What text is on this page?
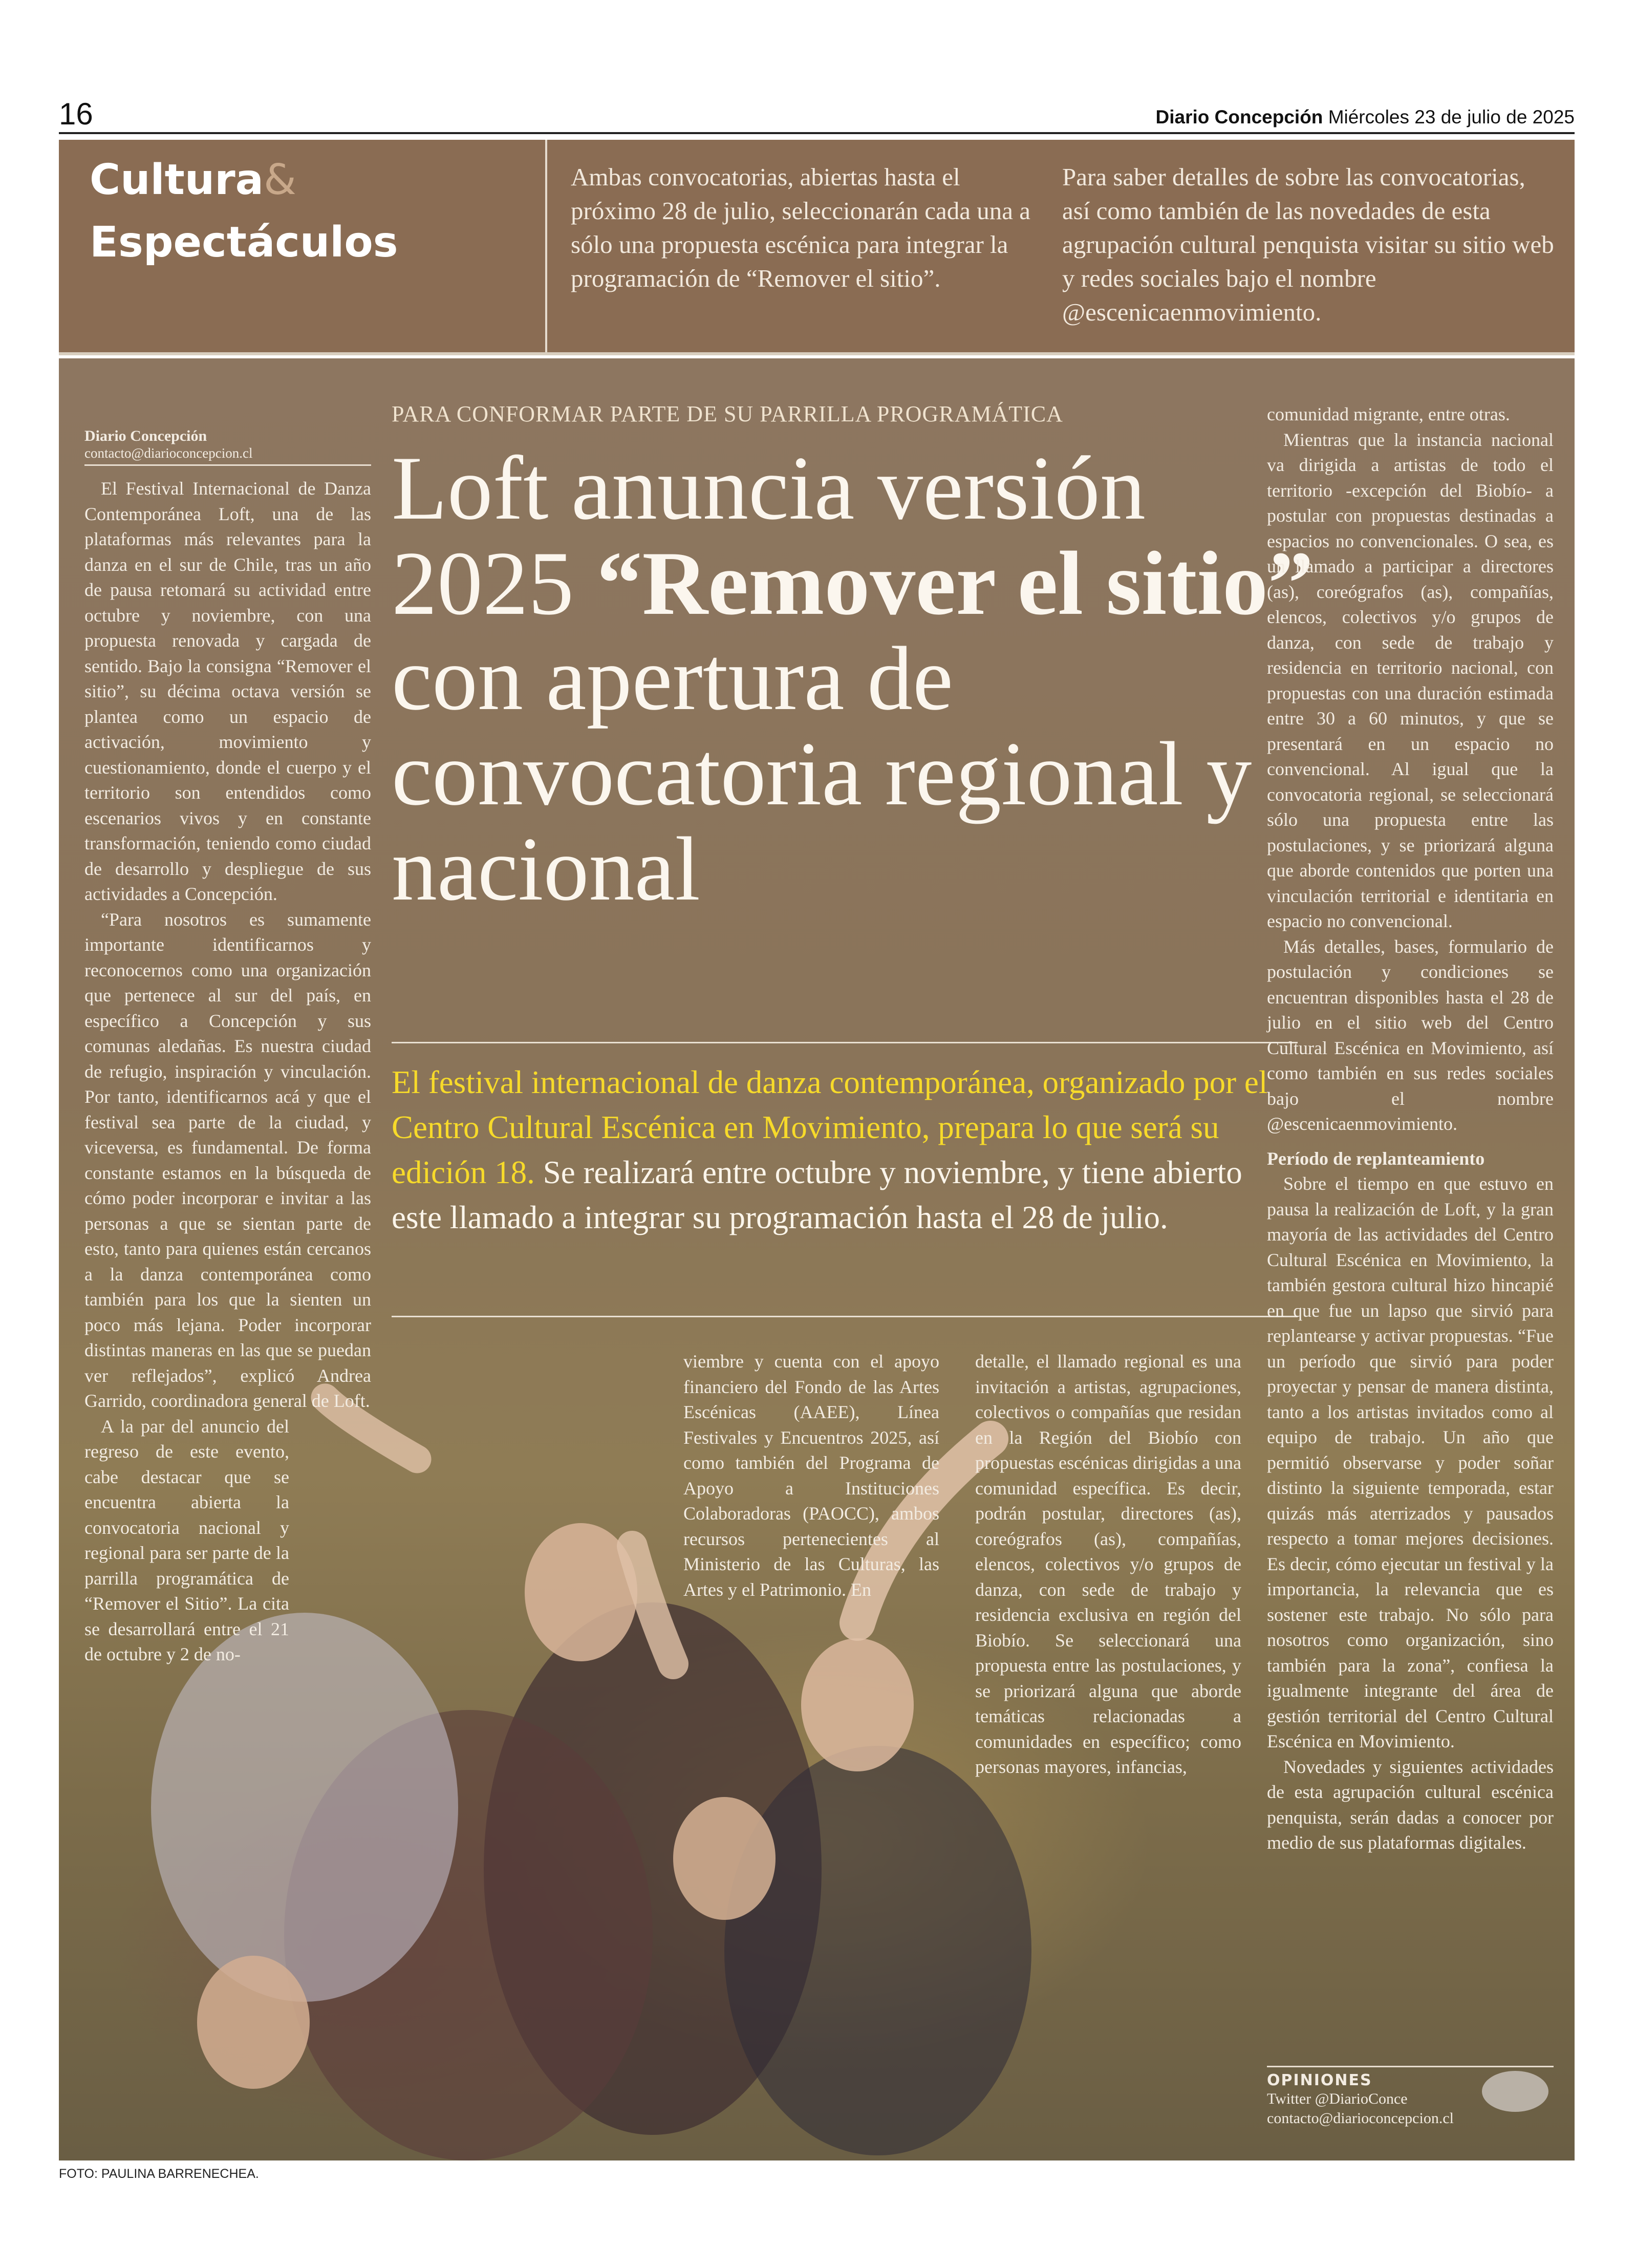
16	Diario Concepción Miércoles 23 de julio de 2025
Cultura&
Espectáculos
Ambas convocatorias, abiertas hasta el próximo 28 de julio, seleccionarán cada una a sólo una propuesta escénica para integrar la programación de “Remover el sitio”.
Para saber detalles de sobre las convocatorias, así como también de las novedades de esta agrupación cultural penquista visitar su sitio web y redes sociales bajo el nombre @escenicaenmovimiento.

Diario Concepción

contacto@diarioconcepcion.cl

El Festival Internacional de Danza Contemporánea Loft, una de las plataformas más relevantes para la danza en el sur de Chile, tras un año de pausa retomará su actividad entre octubre y noviembre, con una propuesta renovada y cargada de sentido. Bajo la consigna “Remover el sitio”, su décima octava versión se plantea como un espacio de activación, movimiento y cuestionamiento, donde el cuerpo y el territorio son entendidos como escenarios vivos y en constante transformación, teniendo como ciudad de desarrollo y despliegue de sus actividades a Concepción.

“Para nosotros es sumamente importante identificarnos y reconocernos como una organización que pertenece al sur del país, en específico a Concepción y sus comunas aledañas. Es nuestra ciudad de refugio, inspiración y vinculación. Por tanto, identificarnos acá y que el festival sea parte de la ciudad, y viceversa, es fundamental. De forma constante estamos en la búsqueda de cómo poder incorporar e invitar a las personas a que se sientan parte de esto, tanto para quienes están cercanos a la danza contemporánea como también para los que la sienten un poco más lejana. Poder incorporar distintas maneras en las que se puedan ver reflejados”, explicó Andrea Garrido, coordinadora general de Loft.

A la par del anuncio del regreso de este evento, cabe destacar que se encuentra abierta la convocatoria nacional y regional para ser parte de la parrilla programática de “Remover el Sitio”. La cita se desarrollará entre el 21 de octubre y 2 de no-

PARA CONFORMAR PARTE DE SU PARRILLA PROGRAMÁTICA
Loft anuncia versión 2025 “Remover el sitio” con apertura de convocatoria regional y nacional
El festival internacional de danza contemporánea, organizado por el Centro Cultural Escénica en Movimiento, prepara lo que será su edición 18. Se realizará entre octubre y noviembre, y tiene abierto este llamado a integrar su programación hasta el 28 de julio.

viembre y cuenta con el apoyo financiero del Fondo de las Artes Escénicas (AAEE), Línea Festivales y Encuentros 2025, así como también del Programa de Apoyo a Instituciones Colaboradoras (PAOCC), ambos recursos pertenecientes al Ministerio de las Culturas, las Artes y el Patrimonio. En

detalle, el llamado regional es una invitación a artistas, agrupaciones, colectivos o compañías que residan en la Región del Biobío con propuestas escénicas dirigidas a una comunidad específica. Es decir, podrán postular, directores (as), coreógrafos (as), compañías, elencos, colectivos y/o grupos de danza, con sede de trabajo y residencia exclusiva en región del Biobío. Se seleccionará una propuesta entre las postulaciones, y se priorizará alguna que aborde temáticas relacionadas a comunidades en específico; como personas mayores, infancias,

comunidad migrante, entre otras.

Mientras que la instancia nacional va dirigida a artistas de todo el territorio -excepción del Biobío- a postular con propuestas destinadas a espacios no convencionales. O sea, es un llamado a participar a directores (as), coreógrafos (as), compañías, elencos, colectivos y/o grupos de danza, con sede de trabajo y residencia en territorio nacional, con propuestas con una duración estimada entre 30 a 60 minutos, y que se presentará en un espacio no convencional. Al igual que la convocatoria regional, se seleccionará sólo una propuesta entre las postulaciones, y se priorizará alguna que aborde contenidos que porten una vinculación territorial e identitaria en espacio no convencional.

Más detalles, bases, formulario de postulación y condiciones se encuentran disponibles hasta el 28 de julio en el sitio web del Centro Cultural Escénica en Movimiento, así como también en sus redes sociales bajo el nombre @escenicaenmovimiento.

Período de replanteamiento

Sobre el tiempo en que estuvo en pausa la realización de Loft, y la gran mayoría de las actividades del Centro Cultural Escénica en Movimiento, la también gestora cultural hizo hincapié en que fue un lapso que sirvió para replantearse y activar propuestas. “Fue un período que sirvió para poder proyectar y pensar de manera distinta, tanto a los artistas invitados como al equipo de trabajo. Un año que permitió observarse y poder soñar distinto la siguiente temporada, estar quizás más aterrizados y pausados respecto a tomar mejores decisiones. Es decir, cómo ejecutar un festival y la importancia, la relevancia que es sostener este trabajo. No sólo para nosotros como organización, sino también para la zona”, confiesa la igualmente integrante del área de gestión territorial del Centro Cultural Escénica en Movimiento.

Novedades y siguientes actividades de esta agrupación cultural escénica penquista, serán dadas a conocer por medio de sus plataformas digitales.

OPINIONES
Twitter @DiarioConce
contacto@diarioconcepcion.cl
FOTO: PAULINA BARRENECHEA.
